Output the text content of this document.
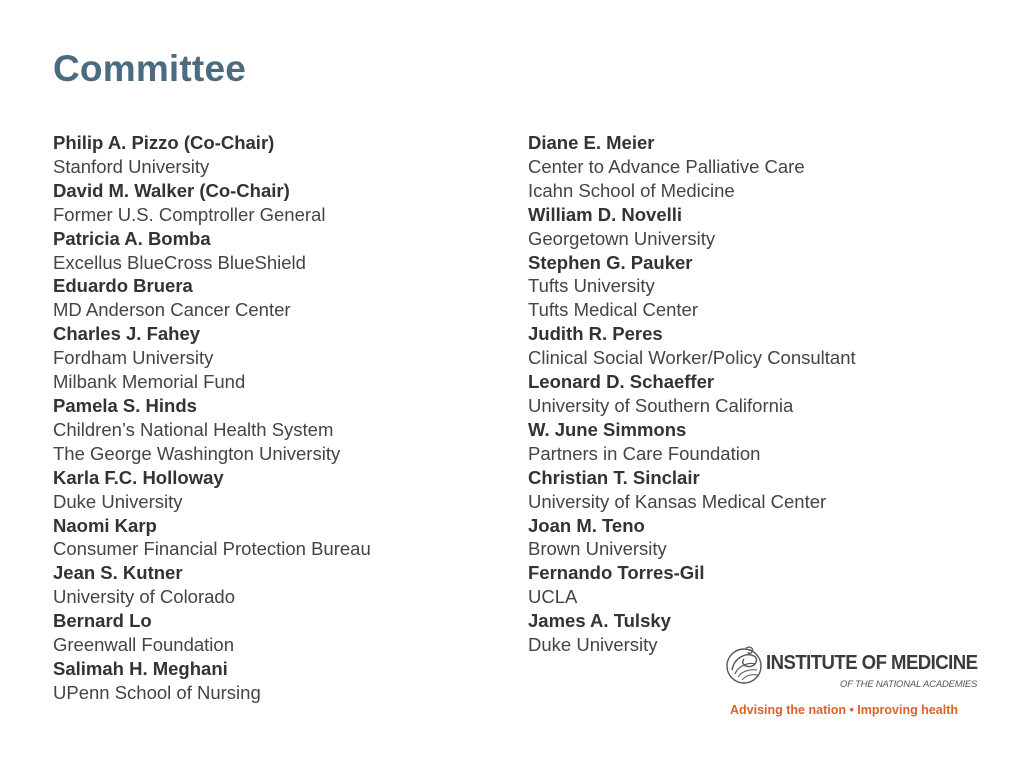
Committee
Philip A. Pizzo (Co-Chair)
Stanford University
David M. Walker (Co-Chair)
Former U.S. Comptroller General
Patricia A. Bomba
Excellus BlueCross BlueShield
Eduardo Bruera
MD Anderson Cancer Center
Charles J. Fahey
Fordham University
Milbank Memorial Fund
Pamela S. Hinds
Children’s National Health System
The George Washington University
Karla F.C. Holloway
Duke University
Naomi Karp
Consumer Financial Protection Bureau
Jean S. Kutner
University of Colorado
Bernard Lo
Greenwall Foundation
Salimah H. Meghani
UPenn School of Nursing
Diane E. Meier
Center to Advance Palliative Care
Icahn School of Medicine
William D. Novelli
Georgetown University
Stephen G. Pauker
Tufts University
Tufts Medical Center
Judith R. Peres
Clinical Social Worker/Policy Consultant
Leonard D. Schaeffer
University of Southern California
W. June Simmons
Partners in Care Foundation
Christian T. Sinclair
University of Kansas Medical Center
Joan M. Teno
Brown University
Fernando Torres-Gil
UCLA
James A. Tulsky
Duke University
INSTITUTE OF MEDICINE
OF THE NATIONAL ACADEMIES
Advising the nation • Improving health
